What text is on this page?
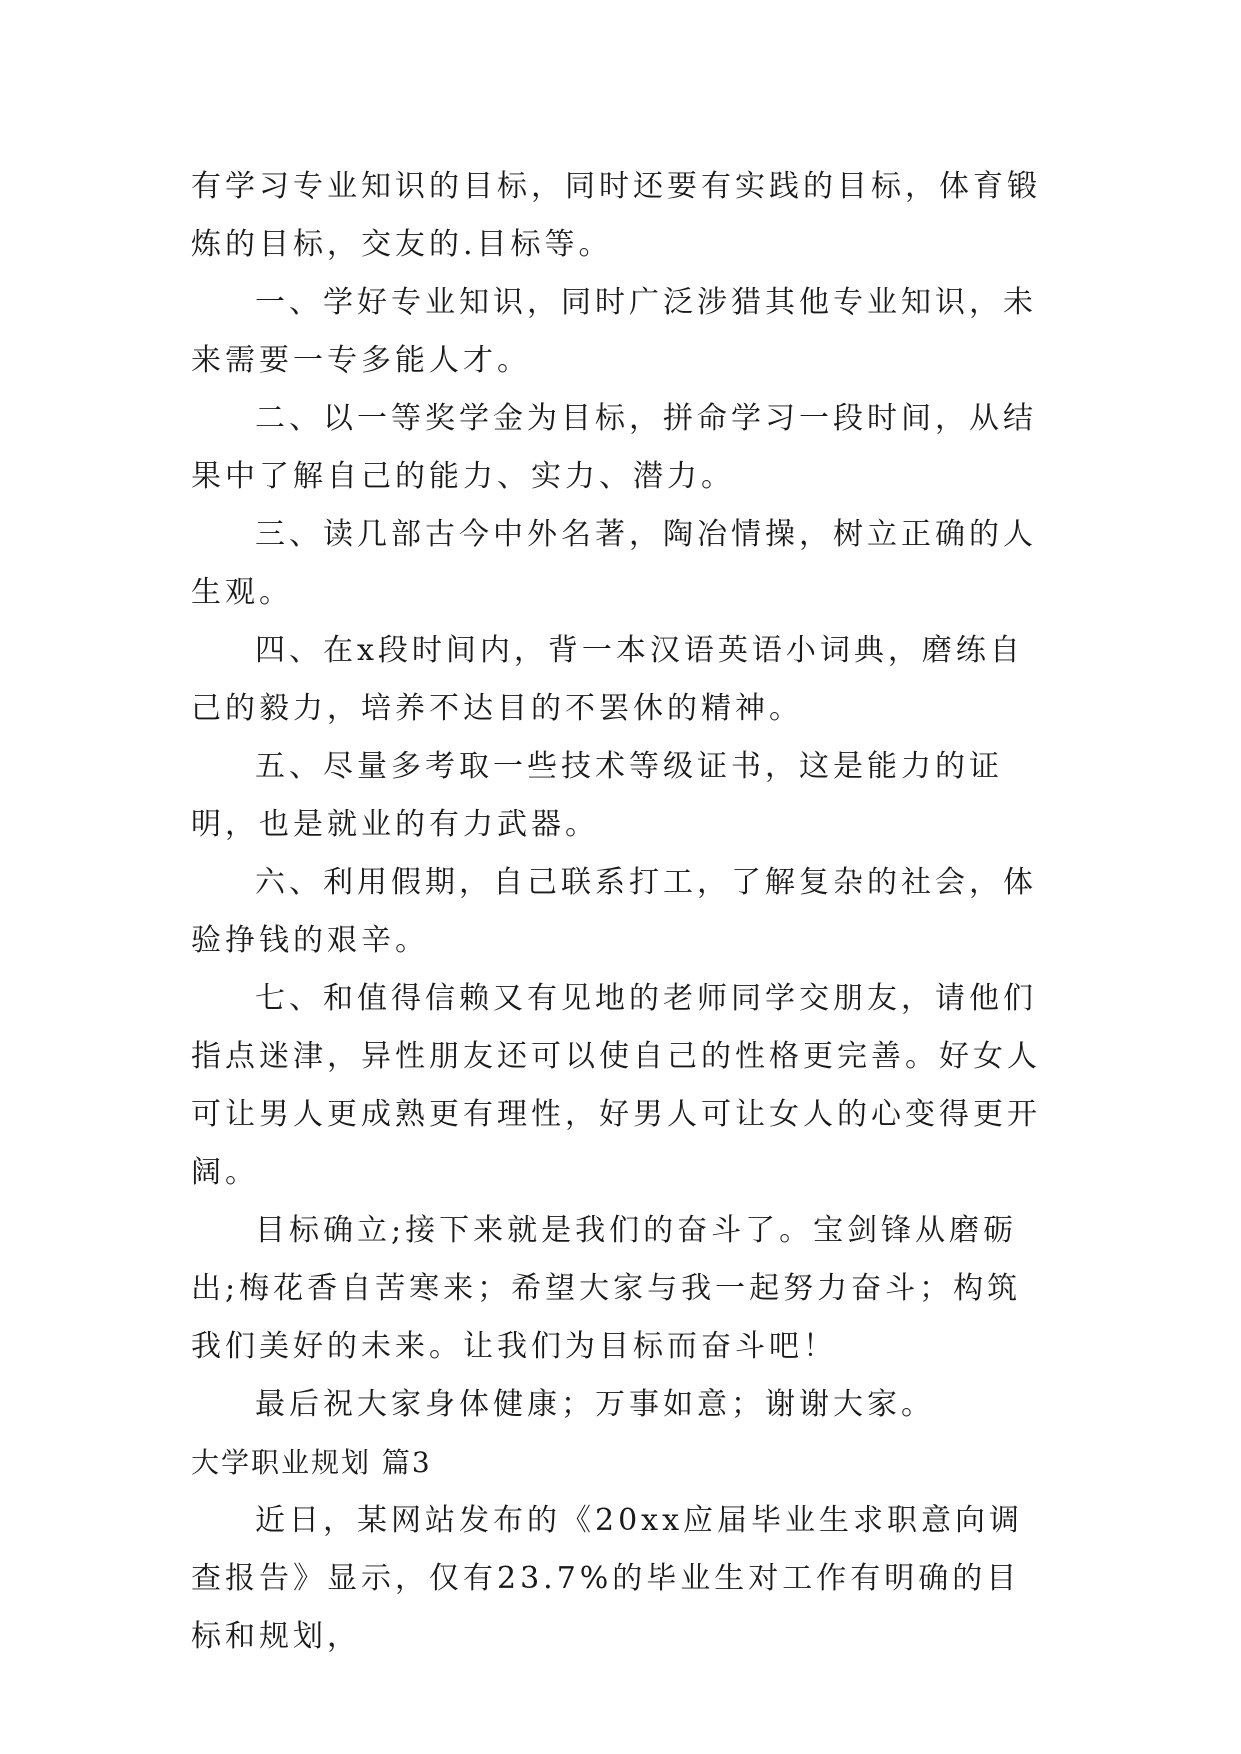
有学习专业知识的目标，同时还要有实践的目标，体育锻炼的目标，交友的.目标等。

一、学好专业知识，同时广泛涉猎其他专业知识，未来需要一专多能人才。

二、以一等奖学金为目标，拼命学习一段时间，从结果中了解自己的能力、实力、潜力。

三、读几部古今中外名著，陶冶情操，树立正确的人生观。

四、在x段时间内，背一本汉语英语小词典，磨练自己的毅力，培养不达目的不罢休的精神。

五、尽量多考取一些技术等级证书，这是能力的证明，也是就业的有力武器。

六、利用假期，自己联系打工，了解复杂的社会，体验挣钱的艰辛。

七、和值得信赖又有见地的老师同学交朋友，请他们指点迷津，异性朋友还可以使自己的性格更完善。好女人可让男人更成熟更有理性，好男人可让女人的心变得更开阔。

目标确立;接下来就是我们的奋斗了。宝剑锋从磨砺出;梅花香自苦寒来；希望大家与我一起努力奋斗；构筑我们美好的未来。让我们为目标而奋斗吧！

最后祝大家身体健康；万事如意；谢谢大家。

大学职业规划 篇3

近日，某网站发布的《20xx应届毕业生求职意向调查报告》显示，仅有23.7%的毕业生对工作有明确的目标和规划，
